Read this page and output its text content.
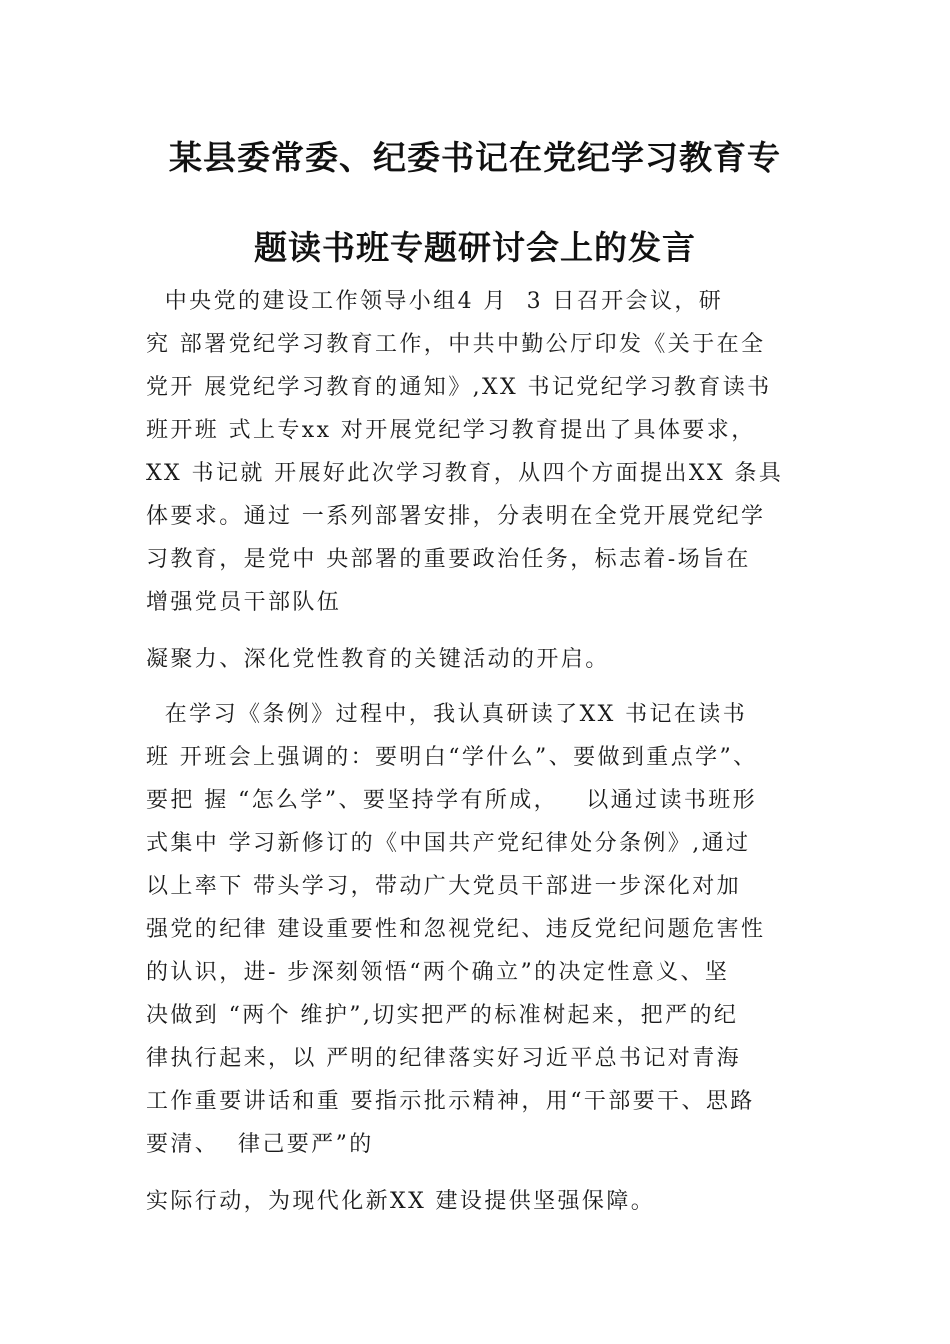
某县委常委、纪委书记在党纪学习教育专
题读书班专题研讨会上的发言
中央党的建设工作领导小组4 月  3 日召开会议，研
究 部署党纪学习教育工作，中共中勤公厅印发《关于在全
党开 展党纪学习教育的通知》,XX 书记党纪学习教育读书
班开班 式上专xx 对开展党纪学习教育提出了具体要求，
XX 书记就 开展好此次学习教育，从四个方面提出XX 条具
体要求。通过 一系列部署安排，分表明在全党开展党纪学
习教育，是党中 央部署的重要政治任务，标志着-场旨在
增强党员干部队伍
凝聚力、深化党性教育的关键活动的开启。
在学习《条例》过程中，我认真研读了XX 书记在读书
班 开班会上强调的：要明白“学什么”、要做到重点学”、
要把 握 “怎么学”、要坚持学有所成，   以通过读书班形
式集中 学习新修订的《中国共产党纪律处分条例》,通过
以上率下 带头学习，带动广大党员干部进一步深化对加
强党的纪律 建设重要性和忽视党纪、违反党纪问题危害性
的认识，进- 步深刻领悟“两个确立”的决定性意义、坚
决做到 “两个 维护”,切实把严的标准树起来，把严的纪
律执行起来，以 严明的纪律落实好习近平总书记对青海
工作重要讲话和重 要指示批示精神，用“干部要干、思路
要清、  律己要严”的
实际行动，为现代化新XX 建设提供坚强保障。
